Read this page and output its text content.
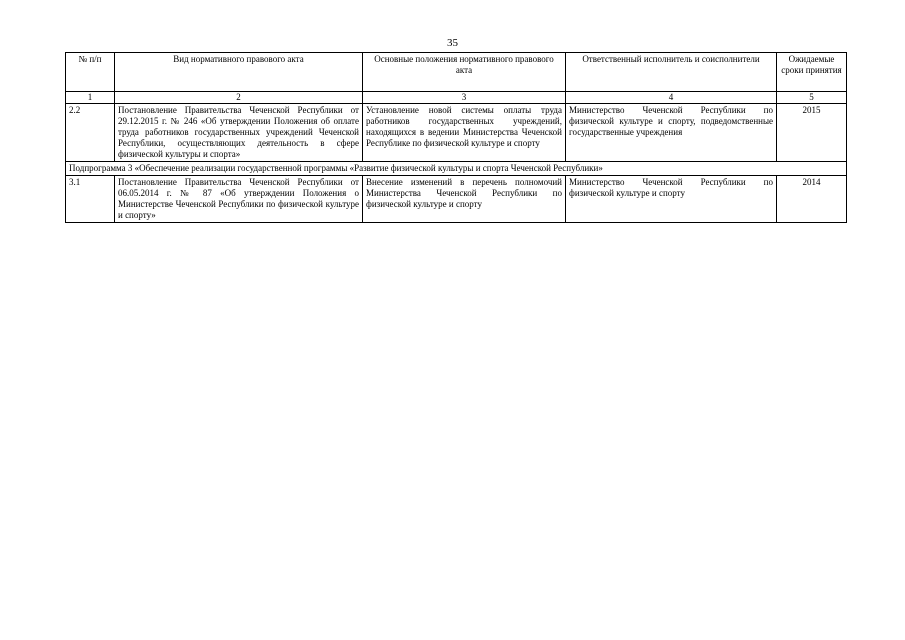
35
№ п/п	Вид нормативного правового акта	Основные положения нормативного правового акта	Ответственный исполнитель и соисполнители	Ожидаемые сроки принятия
1	2	3	4	5
2.2	Постановление Правительства Чеченской Республики от 29.12.2015 г. № 246 «Об утверждении Положения об оплате труда работников государственных учреждений Чеченской Республики, осуществляющих деятельность в сфере физической культуры и спорта»	Установление новой системы оплаты труда работников государственных учреждений, находящихся в ведении Министерства Чеченской Республике по физической культуре и спорту	Министерство Чеченской Республики по физической культуре и спорту, подведомственные государственные учреждения	2015
Подпрограмма 3 «Обеспечение реализации государственной программы «Развитие физической культуры и спорта Чеченской Республики»				
3.1	Постановление Правительства Чеченской Республики от 06.05.2014 г. № 87 «Об утверждении Положения о Министерстве Чеченской Республики по физической культуре и спорту»	Внесение изменений в перечень полномочий Министерства Чеченской Республики по физической культуре и спорту	Министерство Чеченской Республики по физической культуре и спорту	2014
